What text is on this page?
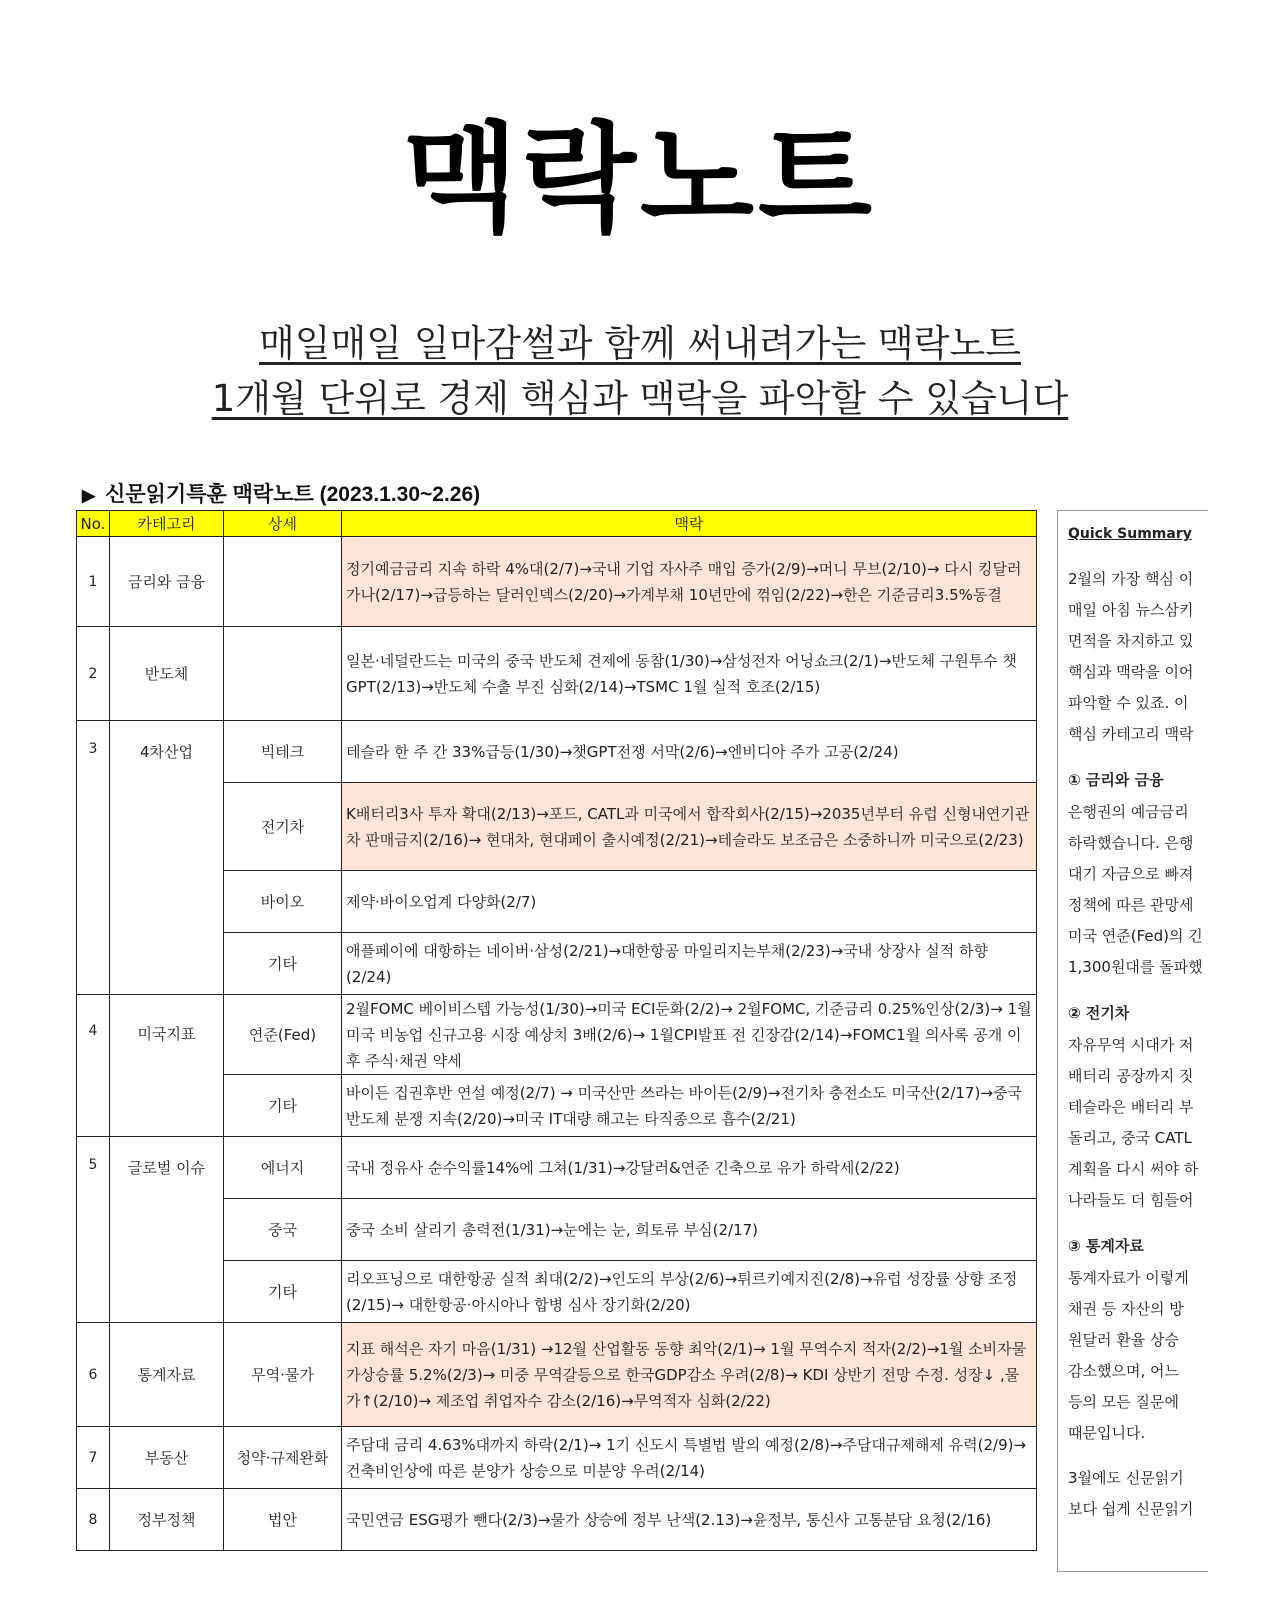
맥락노트
매일매일 일마감썰과 함께 써내려가는 맥락노트
1개월 단위로 경제 핵심과 맥락을 파악할 수 있습니다
▶ 신문읽기특훈 맥락노트 (2023.1.30~2.26)
No.	카테고리	상세	맥락
1	금리와 금융		정기예금금리 지속 하락 4%대(2/7)→국내 기업 자사주 매입 증가(2/9)→머니 무브(2/10)→ 다시 킹달러 가나(2/17)→급등하는 달러인덱스(2/20)→가계부채 10년만에 꺾임(2/22)→한은 기준금리3.5%동결
2	반도체		일본·네덜란드는 미국의 중국 반도체 견제에 동참(1/30)→삼성전자 어닝쇼크(2/1)→반도체 구원투수 챗 GPT(2/13)→반도체 수출 부진 심화(2/14)→TSMC 1월 실적 호조(2/15)
3	4차산업	빅테크	테슬라 한 주 간 33%급등(1/30)→챗GPT전쟁 서막(2/6)→엔비디아 주가 고공(2/24)
		전기차	K배터리3사 투자 확대(2/13)→포드, CATL과 미국에서 합작회사(2/15)→2035년부터 유럽 신형내연기관차 판매금지(2/16)→ 현대차, 현대페이 출시예정(2/21)→테슬라도 보조금은 소중하니까 미국으로(2/23)
		바이오	제약·바이오업계 다양화(2/7)
		기타	애플페이에 대항하는 네이버·삼성(2/21)→대한항공 마일리지는부채(2/23)→국내 상장사 실적 하향(2/24)
4	미국지표	연준(Fed)	2월FOMC 베이비스텝 가능성(1/30)→미국 ECI둔화(2/2)→ 2월FOMC, 기준금리 0.25%인상(2/3)→ 1월 미국 비농업 신규고용 시장 예상치 3배(2/6)→ 1월CPI발표 전 긴장감(2/14)→FOMC1월 의사록 공개 이후 주식·채권 약세
		기타	바이든 집권후반 연설 예정(2/7) → 미국산만 쓰라는 바이든(2/9)→전기차 충전소도 미국산(2/17)→중국 반도체 분쟁 지속(2/20)→미국 IT대량 해고는 타직종으로 흡수(2/21)
5	글로벌 이슈	에너지	국내 정유사 순수익률14%에 그쳐(1/31)→강달러&연준 긴축으로 유가 하락세(2/22)
		중국	중국 소비 살리기 총력전(1/31)→눈에는 눈, 희토류 부심(2/17)
		기타	리오프닝으로 대한항공 실적 최대(2/2)→인도의 부상(2/6)→튀르키예지진(2/8)→유럽 성장률 상향 조정(2/15)→ 대한항공·아시아나 합병 심사 장기화(2/20)
6	통계자료	무역·물가	지표 해석은 자기 마음(1/31) →12월 산업활동 동향 최악(2/1)→ 1월 무역수지 적자(2/2)→1월 소비자물가상승률 5.2%(2/3)→ 미중 무역갈등으로 한국GDP감소 우려(2/8)→ KDI 상반기 전망 수정. 성장↓ ,물가↑(2/10)→ 제조업 취업자수 감소(2/16)→무역적자 심화(2/22)
7	부동산	청약·규제완화	주담대 금리 4.63%대까지 하락(2/1)→ 1기 신도시 특별법 발의 예정(2/8)→주담대규제해제 유력(2/9)→ 건축비인상에 따른 분양가 상승으로 미분양 우려(2/14)
8	정부정책	법안	국민연금 ESG평가 뺀다(2/3)→물가 상승에 정부 난색(2.13)→윤정부, 통신사 고통분담 요청(2/16)
Quick Summary
2월의 가장 핵심 이
매일 아침 뉴스삼키
면적을 차지하고 있
핵심과 맥락을 이어
파악할 수 있죠. 이
핵심 카테고리 맥락
① 금리와 금융
은행권의 예금금리
하락했습니다. 은행
대기 자금으로 빠져
정책에 따른 관망세
미국 연준(Fed)의 긴
1,300원대를 돌파했
② 전기차
자유무역 시대가 저
배터리 공장까지 짓
테슬라은 배터리 부
돌리고, 중국 CATL
계획을 다시 써야 하
나라들도 더 힘들어
③ 통계자료
통계자료가 이렇게
채권 등 자산의 방
원달러 환율 상승
감소했으며, 어느
등의 모든 질문에
때문입니다.
3월에도 신문읽기
보다 쉽게 신문읽기
